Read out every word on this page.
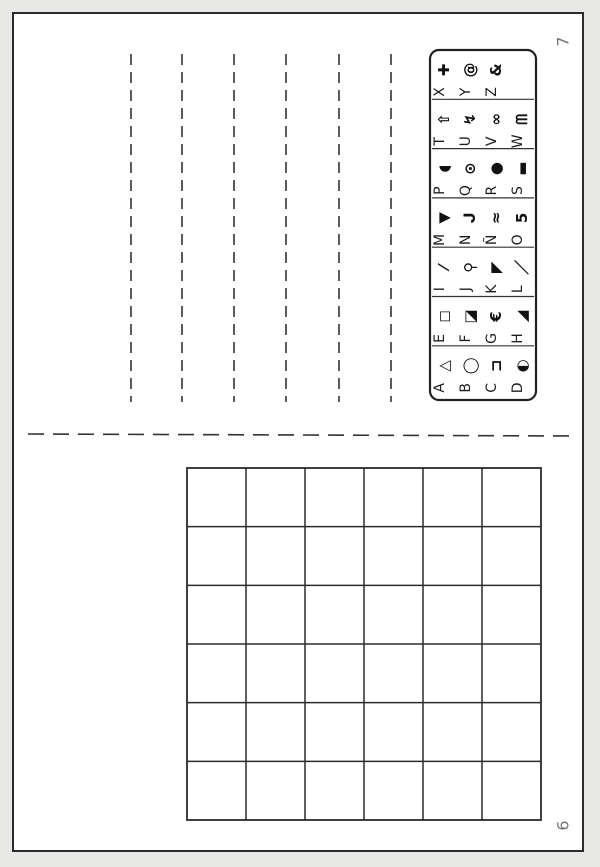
A
△
E
◻
I
⁄
M
▼
P
◖
T
⇧
X
✚
B
◯
F
◪
J
⚲
N
ᒍ
Q
⊙
U
↯
Y
@
C
⊐
G
€
K
◤
Ñ
≈
R
●
V
∞
Z
&
D
◐
H
◢
L
／
O
5
S
▬
W
ᗰ
7
6
